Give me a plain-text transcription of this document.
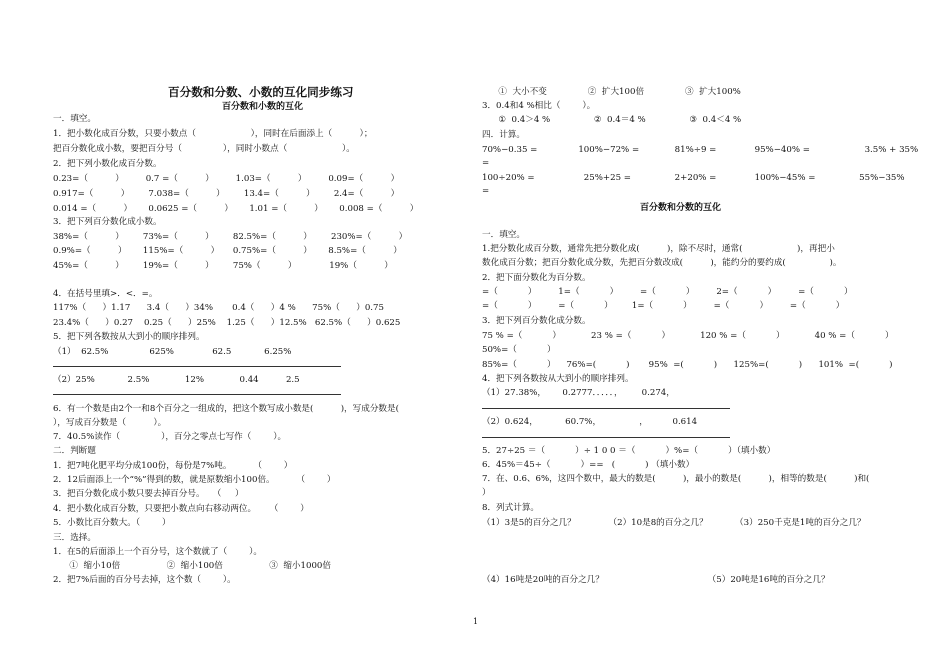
百分数和分数、小数的互化同步练习
百分数和小数的互化
一．填空。
1．把小数化成百分数，只要小数点（                    ），同时在后面添上（          ）；
把百分数化成小数，要把百分号（               ），同时小数点（                    ）。
2．把下列小数化成百分数。
0.23=（          ）        0.7 =（          ）        1.03=（          ）        0.09=（          ）
0.917=（          ）       7.038=（          ）       13.4=（          ）       2.4=（          ）
0.014 =（          ）      0.0625 =（          ）      1.01 =（          ）      0.008 =（          ）
3．把下列百分数化成小数。
38%=（          ）       73%=（          ）       82.5%=（          ）       230%=（          ）
0.9%=（          ）      115%=（          ）     0.75%=（          ）      8.5%=（          ）
45%=（          ）       19%=（          ）       75%（          ）            19%（          ）
4．在括号里填>．<．=。
117%（      ）1.17      3.4（      ）34%       0.4（      ）4 %      75%（      ）0.75
23.4%（      ）0.27    0.25（      ）25%    1.25（      ）12.5%   62.5%（      ）0.625
5．把下列各数按从大到小的顺序排列。
（1）  62.5%               625%              62.5            6.25%
（2）25%            2.5%             12%             0.44          2.5
6．有一个数是由2个一和8个百分之一组成的，把这个数写成小数是(          )，写成分数是(
），写成百分数是（          ）。
7．40.5%读作（               ），百分之零点七写作（        ）。
二．判断题
1．把7吨化肥平均分成100份，每份是7%吨。        （        ）
2．12后面添上一个“%”得到的数，就是原数缩小100倍。        （        ）
3．把百分数化成小数只要去掉百分号。   （     ）
4．把小数化成百分数，只要把小数点向右移动两位。     （        ）
5．小数比百分数大。（        ）
三．选择。
1．在5的后面添上一个百分号，这个数就了（        ）。
①  缩小10倍                 ②  缩小100倍                 ③  缩小1000倍
2．把7%后面的百分号去掉，这个数（        ）。
①  大小不变               ②  扩大100倍               ③  扩大100%
3．0.4和4 %相比（        ）。
①  0.4＞4 %                ②  0.4＝4 %                ③  0.4＜4 %
四．计算。
70%−0.35 =               100%−72% =             81%÷9 =              95%−40% =                    3.5% + 35%
=
100÷20% =                  25%+25 =                2+20% =              100%−45% =                55%−35%
=
百分数和分数的互化
一．填空。
1.把分数化成百分数，通常先把分数化成(          )，除不尽时，通常(                    )，再把小
数化成百分数；把百分数化成分数，先把百分数改成(          )，能约分的要约成(                )。
2．把下面分数化为百分数。
=（           ）        1=（           ）        =（           ）        2=（           ）        =（           ）
=（           ）        =（           ）       1=（           ）        =（           ）        =（           ）
3．把下列百分数化成分数。
75 % =（           ）           23 % =（           ）           120 % =（           ）           40 % =（           ）
50%=（           ）
85%=（           ）    76%=(           )       95%  =(           )      125%=(           )      101%  =(           )
4．把下列各数按从大到小的顺序排列。
（1）27.38%，      0.2777．．．．．，       0.274，
（2）0.624，          60.7%，              ，         0.614
5．27÷25 ＝（           ）÷ 1 0 0 ＝（           ）%=（           ）（填小数）
6．45%＝45÷（           ）==   (           ) （填小数）
7．在、0.6、6%，这四个数中，最大的数是(          )，最小的数是(          )，相等的数是(          )和(
）
8．列式计算。
（1）3是5的百分之几？            （2）10是8的百分之几？          （3）250千克是1吨的百分之几？
（4）16吨是20吨的百分之几？                                      （5）20吨是16吨的百分之几？
1
